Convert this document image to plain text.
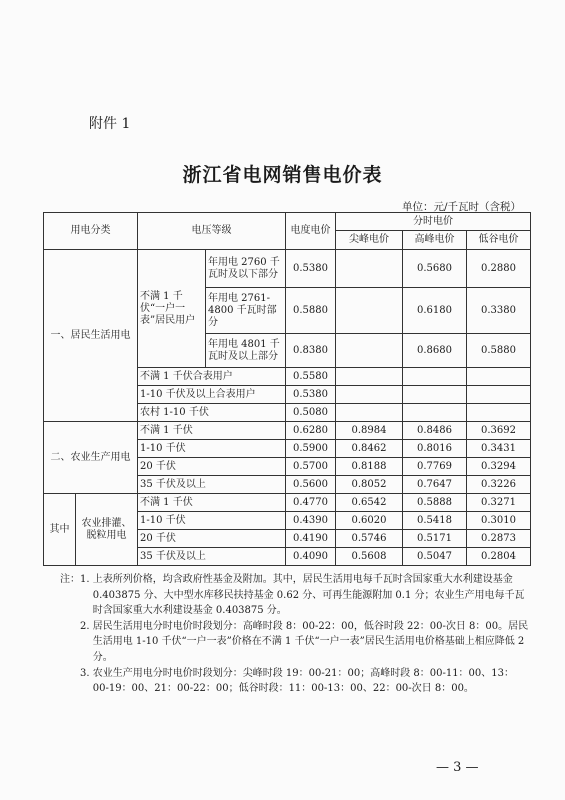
附件 1
浙江省电网销售电价表
单位：元/千瓦时（含税）
用电分类		电压等级		电度电价	分时电价		
					尖峰电价	高峰电价	低谷电价
一、居民生活用电		不满 1 千伏“一户一表”居民用户	年用电 2760 千瓦时及以下部分	0.5380		0.5680	0.2880
			年用电 2761-4800 千瓦时部分	0.5880		0.6180	0.3380
			年用电 4801 千瓦时及以上部分	0.8380		0.8680	0.5880
		不满 1 千伏合表用户		0.5580			
		1-10 千伏及以上合表用户		0.5380			
		农村 1-10 千伏		0.5080			
二、农业生产用电		不满 1 千伏		0.6280	0.8984	0.8486	0.3692
		1-10 千伏		0.5900	0.8462	0.8016	0.3431
		20 千伏		0.5700	0.8188	0.7769	0.3294
		35 千伏及以上		0.5600	0.8052	0.7647	0.3226
其中	农业排灌、脱粒用电	不满 1 千伏		0.4770	0.6542	0.5888	0.3271
		1-10 千伏		0.4390	0.6020	0.5418	0.3010
		20 千伏		0.4190	0.5746	0.5171	0.2873
		35 千伏及以上		0.4090	0.5608	0.5047	0.2804
注： 1.
上表所列价格，均含政府性基金及附加。其中，居民生活用电每千瓦时含国家重大水利建设基金 0.403875 分、大中型水库移民扶持基金 0.62 分、可再生能源附加 0.1 分；农业生产用电每千瓦时含国家重大水利建设基金 0.403875 分。
2.
居民生活用电分时电价时段划分：高峰时段 8：00-22：00，低谷时段 22：00-次日 8：00。居民生活用电 1-10 千伏“一户一表”价格在不满 1 千伏“一户一表”居民生活用电价格基础上相应降低 2 分。
3.
农业生产用电分时电价时段划分：尖峰时段 19：00-21：00；高峰时段 8：00-11：00、13：00-19：00、21：00-22：00；低谷时段：11：00-13：00、22：00-次日 8：00。
— 3 —
